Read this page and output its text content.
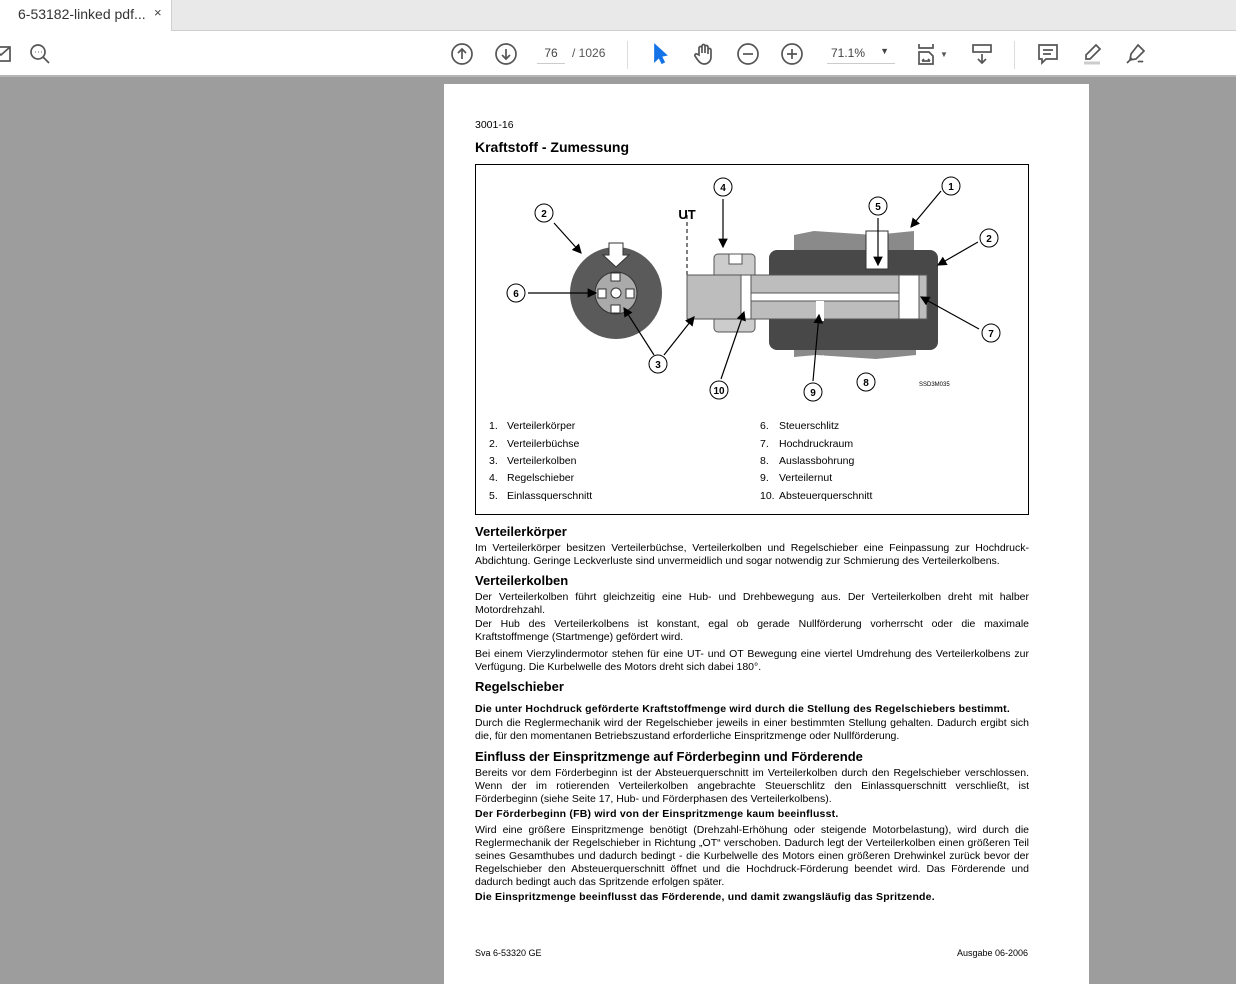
6-53182-linked pdf... ×
76	/ 1026	71.1% ▼	▼
3001-16
Kraftstoff - Zumessung
UT
SSD3M035
1
2
2
3
4
5
6
7
8
9
10
1. Verteilerkörper
2. Verteilerbüchse
3. Verteilerkolben
4. Regelschieber
5. Einlassquerschnitt
6. Steuerschlitz
7. Hochdruckraum
8. Auslassbohrung
9. Verteilernut
10. Absteuerquerschnitt
Verteilerkörper
Im Verteilerkörper besitzen Verteilerbüchse, Verteilerkolben und Regelschieber eine Feinpassung zur Hochdruck-Abdichtung. Geringe Leckverluste sind unvermeidlich und sogar notwendig zur Schmierung des Verteilerkolbens.
Verteilerkolben
Der Verteilerkolben führt gleichzeitig eine Hub- und Drehbewegung aus. Der Verteilerkolben dreht mit halber Motordrehzahl.
Der Hub des Verteilerkolbens ist konstant, egal ob gerade Nullförderung vorherrscht oder die maximale Kraftstoffmenge (Startmenge) gefördert wird.
Bei einem Vierzylindermotor stehen für eine UT- und OT Bewegung eine viertel Umdrehung des Verteilerkolbens zur Verfügung. Die Kurbelwelle des Motors dreht sich dabei 180°.
Regelschieber
Die unter Hochdruck geförderte Kraftstoffmenge wird durch die Stellung des Regelschiebers bestimmt.
Durch die Reglermechanik wird der Regelschieber jeweils in einer bestimmten Stellung gehalten. Dadurch ergibt sich die, für den momentanen Betriebszustand erforderliche Einspritzmenge oder Nullförderung.
Einfluss der Einspritzmenge auf Förderbeginn und Förderende
Bereits vor dem Förderbeginn ist der Absteuerquerschnitt im Verteilerkolben durch den Regelschieber verschlossen. Wenn der im rotierenden Verteilerkolben angebrachte Steuerschlitz den Einlassquerschnitt verschließt, ist Förderbeginn (siehe Seite 17, Hub- und Förderphasen des Verteilerkolbens).
Der Förderbeginn (FB) wird von der Einspritzmenge kaum beeinflusst.
Wird eine größere Einspritzmenge benötigt (Drehzahl-Erhöhung oder steigende Motorbelastung), wird durch die Reglermechanik der Regelschieber in Richtung „OT“ verschoben. Dadurch legt der Verteilerkolben einen größeren Teil seines Gesamthubes und dadurch bedingt - die Kurbelwelle des Motors einen größeren Drehwinkel zurück bevor der Regelschieber den Absteuerquerschnitt öffnet und die Hochdruck-Förderung beendet wird. Das Förderende und dadurch bedingt auch das Spritzende erfolgen später.
Die Einspritzmenge beeinflusst das Förderende, und damit zwangsläufig das Spritzende.
Sva 6-53320 GE	Ausgabe 06-2006
